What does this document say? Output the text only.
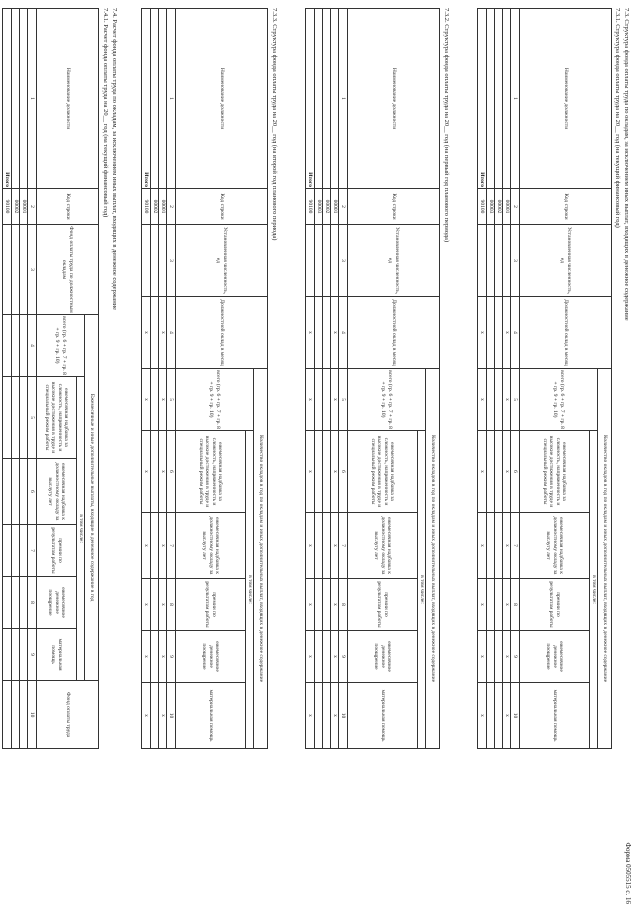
Форма 0505515 с. 16
7.3. Структура фонда оплаты труда по окладам, за исключением иных выплат, входящих в денежное содержание
7.3.1. Структура фонда оплаты труда на 20__ год (на текущий финансовый год)
Наименование должности	Код строки	Установленная численность, ед	Должностной оклад в месяц	Количество окладов в год по окладам и иных дополнительных выплат, входящих в денежное содержание					
				всего (гр. 6 + гр. 7 + гр. 8 + гр. 9 + гр. 10)	в том числе:				
					ежемесячная надбавка за сложность, напряженность и высокие достижения в труде и специальный режим работы	ежемесячная надбавка к должностному окладу за выслугу лет	премии по результатам работы	ежемесячное денежное поощрение	материальная помощь
1	2	3	4	5	6	7	8	9	10
	00001		x	x	x	x	x	x	x
	00002								
	00003								
Итого	90100		x	x	x	x	x	x	x
7.3.2. Структура фонда оплаты труда на 20__ год (на первый год планового периода)
Наименование должности	Код строки	Установленная численность, ед	Должностной оклад в месяц	Количество окладов в год по окладам и иных дополнительных выплат, входящих в денежное содержание					
				всего (гр. 6 + гр. 7 + гр. 8 + гр. 9 + гр. 10)	в том числе:				
					ежемесячная надбавка за сложность, напряженность и высокие достижения в труде и специальный режим работы	ежемесячная надбавка к должностному окладу за выслугу лет	премии по результатам работы	ежемесячное денежное поощрение	материальная помощь
1	2	3	4	5	6	7	8	9	10
	00001		x	x	x	x	x	x	x
	00002								
	00003								
Итого	90100		x	x	x	x	x	x	x
7.3.3. Структура фонда оплаты труда на 20__ год (на второй год планового периода)
Наименование должности	Код строки	Установленная численность, ед	Должностной оклад в месяц	Количество окладов в год по окладам и иных дополнительных выплат, входящих в денежное содержание					
				всего (гр. 6 + гр. 7 + гр. 8 + гр. 9 + гр. 10)	в том числе:				
					ежемесячная надбавка за сложность, напряженность и высокие достижения в труде и специальный режим работы	ежемесячная надбавка к должностному окладу за выслугу лет	премии по результатам работы	ежемесячное денежное поощрение	материальная помощь
1	2	3	4	5	6	7	8	9	10
	00001		x	x	x	x	x	x	x
	00002								
Итого	90100		x	x	x	x	x	x	x
7.4. Расчет фонда оплаты труда по окладам, за исключением иных выплат, входящих в денежное содержание
7.4.1. Расчет фонда оплаты труда на 20__ год (на текущий финансовый год)
Наименование должности	Код строки	Фонд оплаты труда по должностным окладам	Ежемесячные и иные дополнительные выплаты, входящие в денежное содержание в год						Фонд оплаты труда
			всего (гр. 6 + гр. 7 + гр. 8 + гр. 9 + гр. 10)	в том числе:					
				ежемесячная надбавка за сложность, напряженность и высокие достижения в труде и специальный режим работы	ежемесячная надбавка к должностному окладу за выслугу лет	премии по результатам работы	ежемесячное денежное поощрение	материальная помощь	
1	2	3	4	5	6	7	8	9	10
	00001								
	00002								
Итого	90100								
